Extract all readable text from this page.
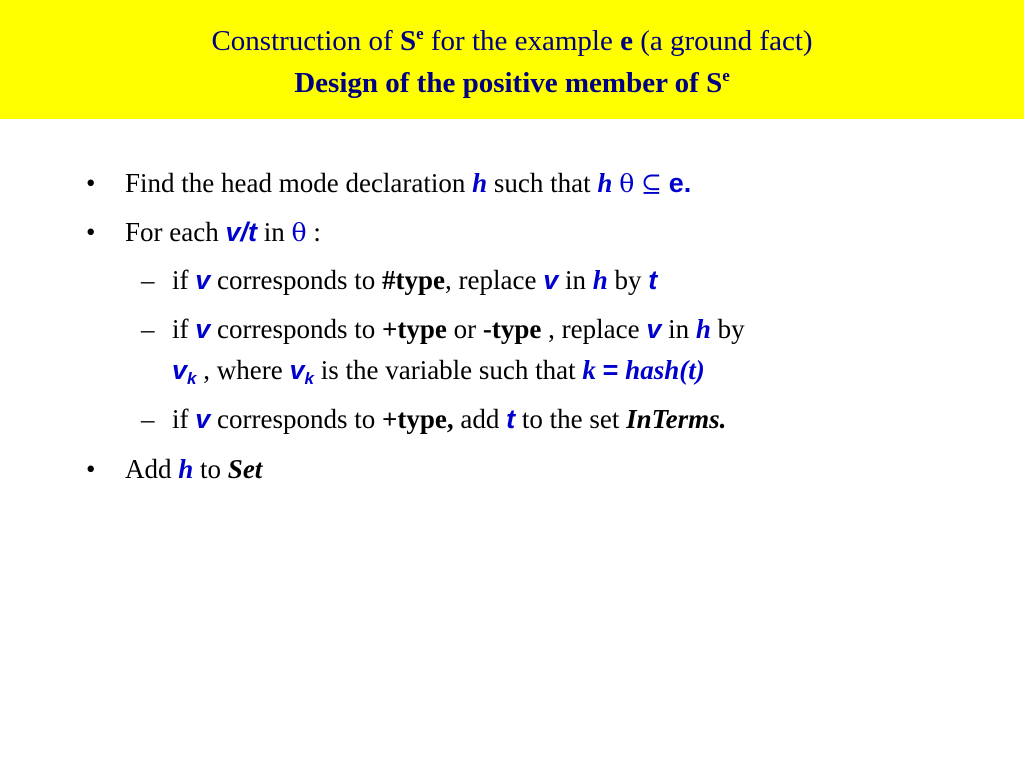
Construction of $S^e$ for the example e (a ground fact)
Design of the positive member of $S^e$
• Find the head mode declaration h such that h θ ⊆ e.
• For each v/t in θ :
– if v corresponds to #type, replace v in h by t
– if v corresponds to +type or -type , replace v in h by
$v_k$ , where $v_k$ is the variable such that k = hash(t)
– if v corresponds to +type, add t to the set InTerms.
• Add h to Set
